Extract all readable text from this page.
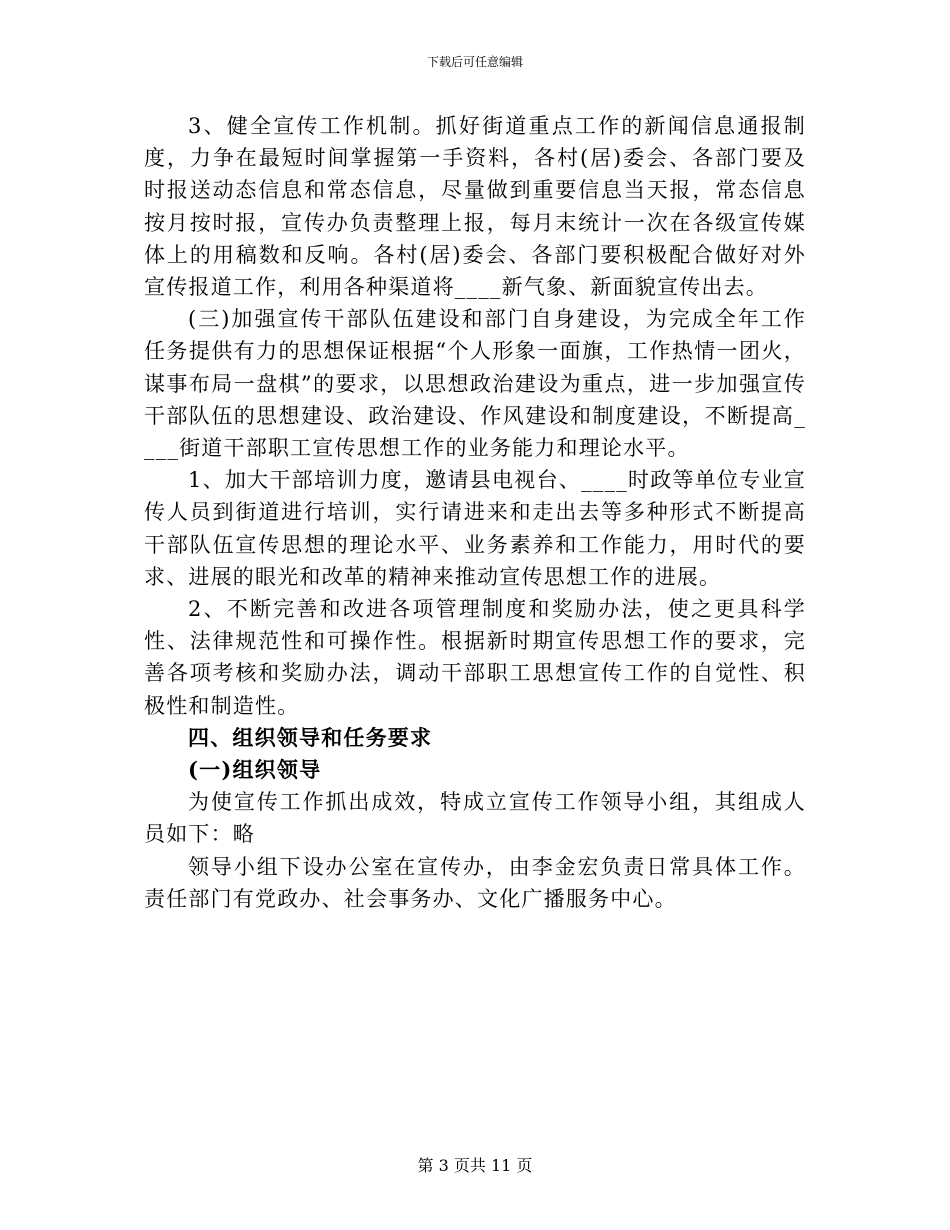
下载后可任意编辑

3、健全宣传工作机制。抓好街道重点工作的新闻信息通报制度，力争在最短时间掌握第一手资料，各村(居)委会、各部门要及时报送动态信息和常态信息，尽量做到重要信息当天报，常态信息按月按时报，宣传办负责整理上报，每月末统计一次在各级宣传媒体上的用稿数和反响。各村(居)委会、各部门要积极配合做好对外宣传报道工作，利用各种渠道将____新气象、新面貌宣传出去。

(三)加强宣传干部队伍建设和部门自身建设，为完成全年工作任务提供有力的思想保证根据“个人形象一面旗，工作热情一团火，谋事布局一盘棋”的要求，以思想政治建设为重点，进一步加强宣传干部队伍的思想建设、政治建设、作风建设和制度建设，不断提高____街道干部职工宣传思想工作的业务能力和理论水平。

1、加大干部培训力度，邀请县电视台、____时政等单位专业宣传人员到街道进行培训，实行请进来和走出去等多种形式不断提高干部队伍宣传思想的理论水平、业务素养和工作能力，用时代的要求、进展的眼光和改革的精神来推动宣传思想工作的进展。

2、不断完善和改进各项管理制度和奖励办法，使之更具科学性、法律规范性和可操作性。根据新时期宣传思想工作的要求，完善各项考核和奖励办法，调动干部职工思想宣传工作的自觉性、积极性和制造性。

四、组织领导和任务要求

(一)组织领导

为使宣传工作抓出成效，特成立宣传工作领导小组，其组成人员如下：略

领导小组下设办公室在宣传办，由李金宏负责日常具体工作。责任部门有党政办、社会事务办、文化广播服务中心。

第 3 页共 11 页
